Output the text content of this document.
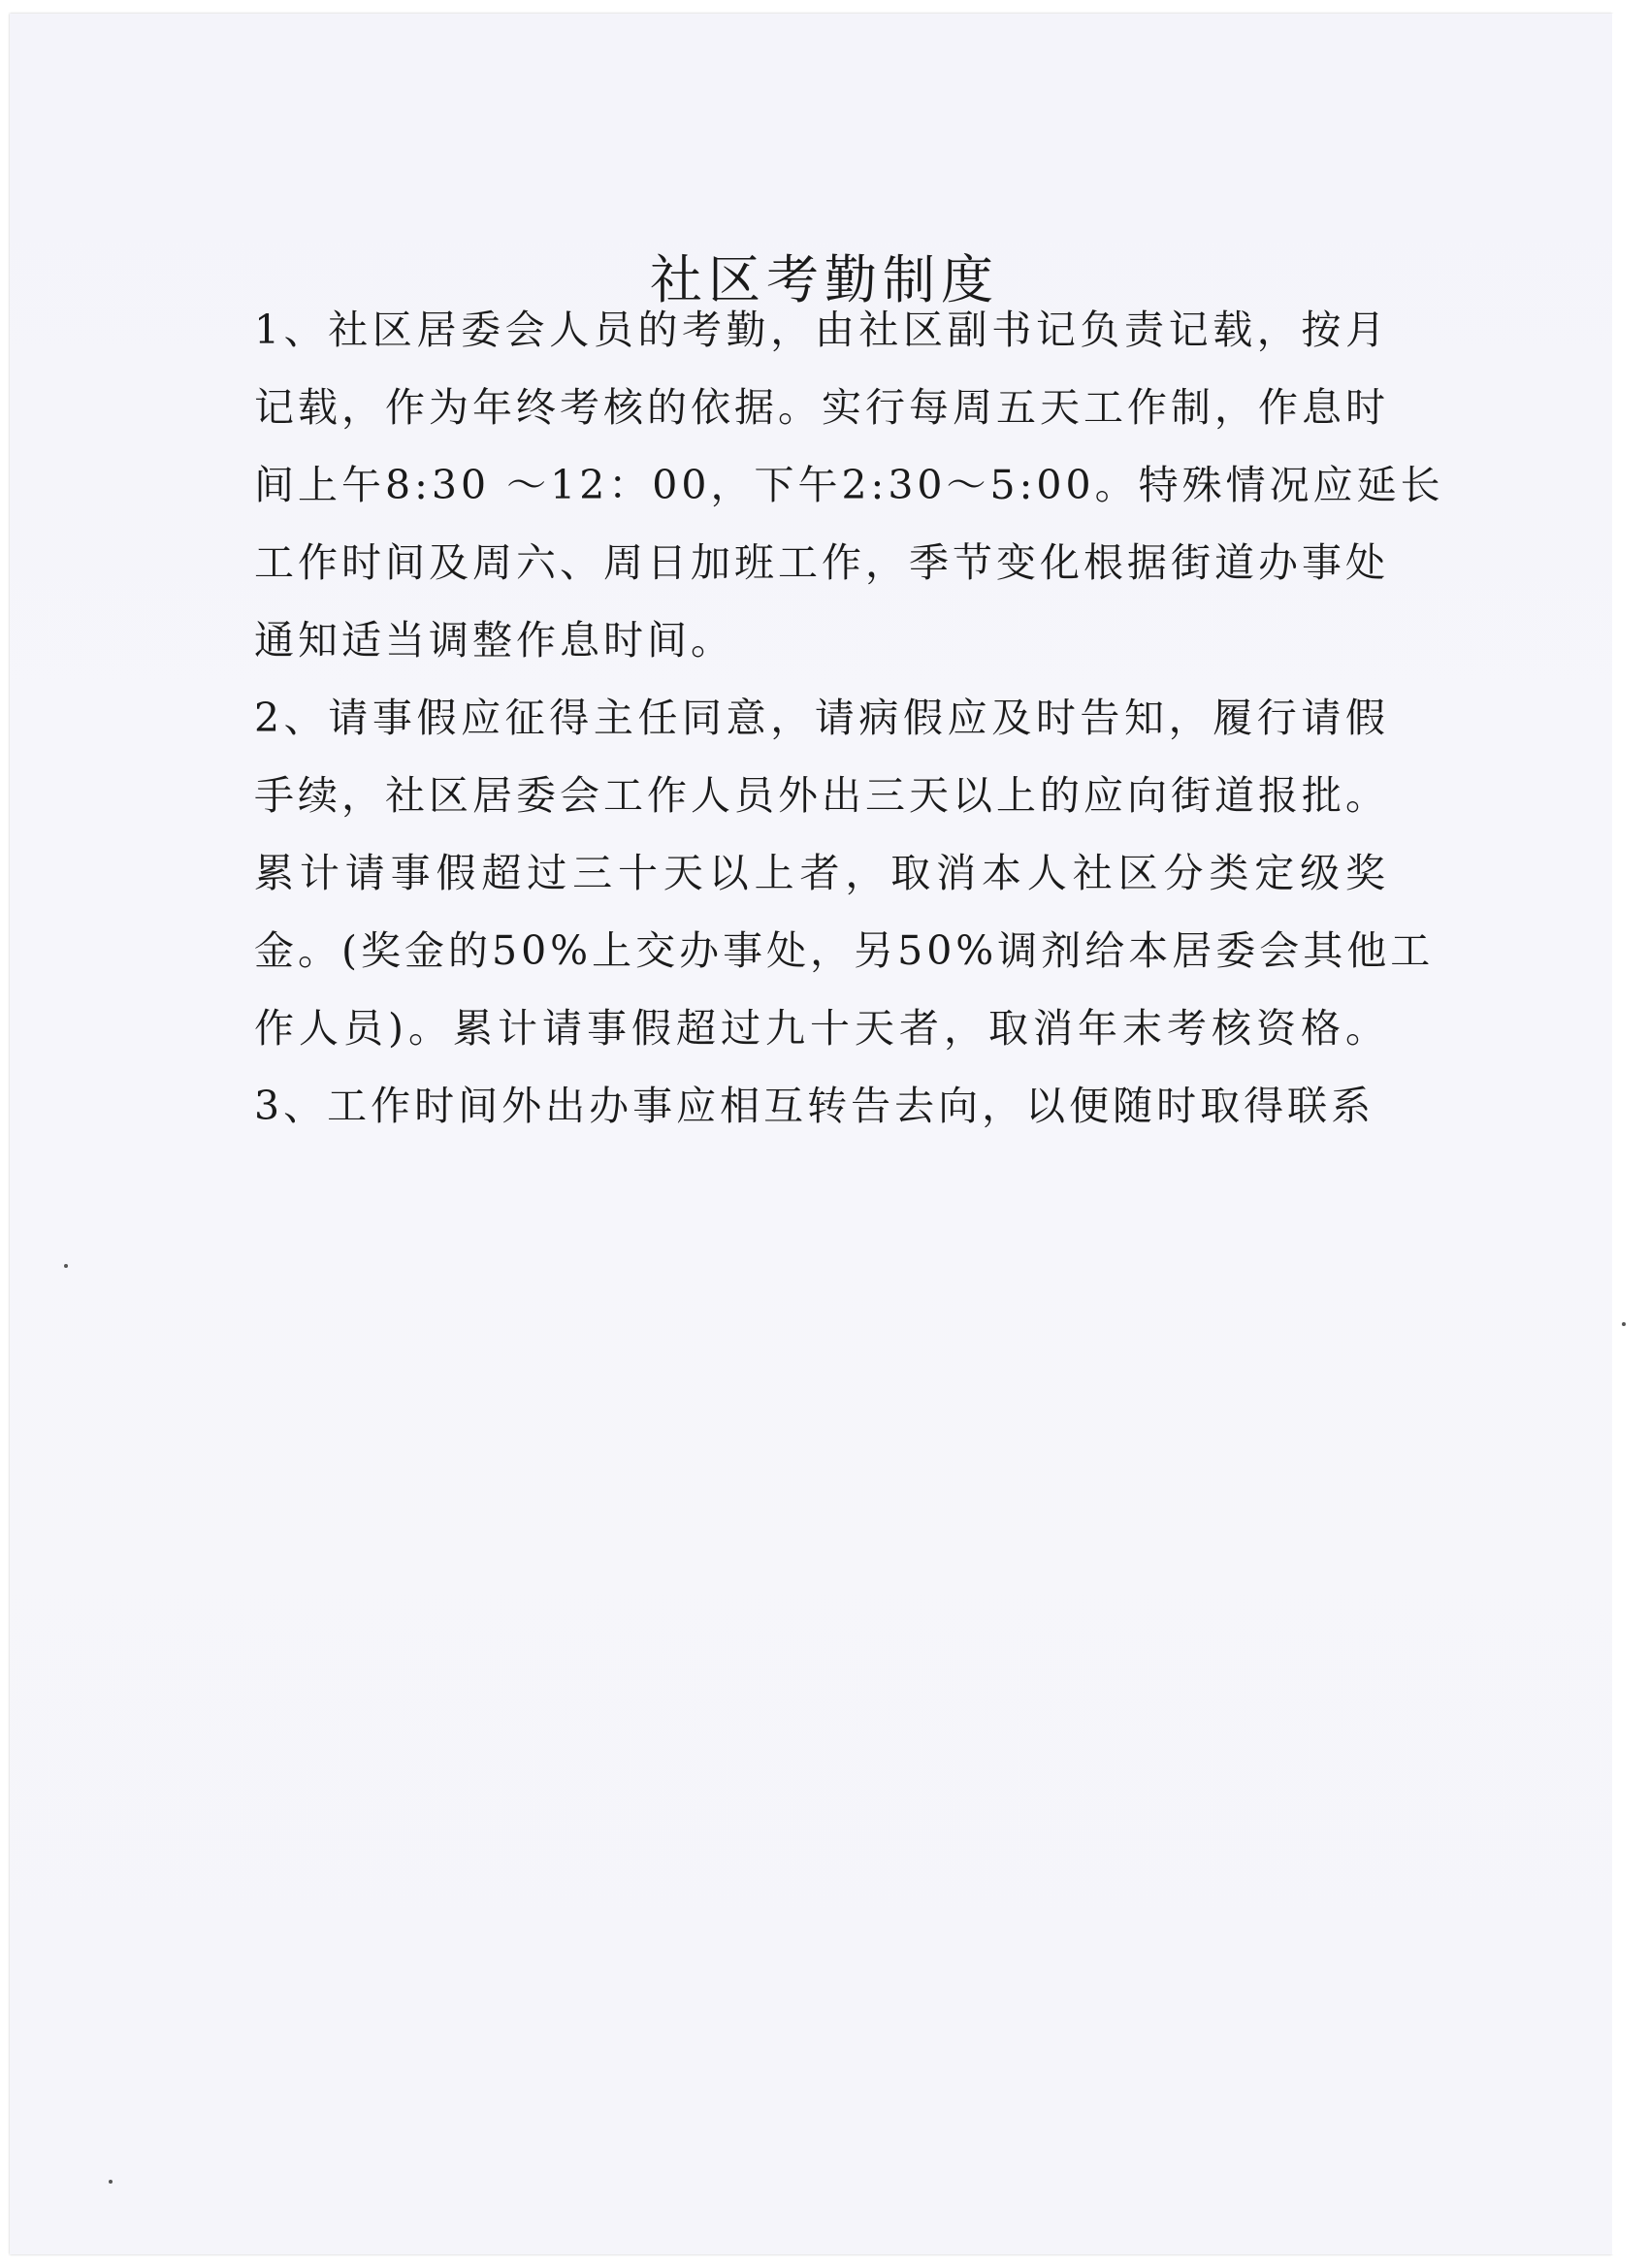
社区考勤制度
1、社区居委会人员的考勤，由社区副书记负责记载，按月
记载，作为年终考核的依据。实行每周五天工作制，作息时
间上午8:30 ～12：00，下午2:30～5:00。特殊情况应延长
工作时间及周六、周日加班工作，季节变化根据街道办事处
通知适当调整作息时间。
2、请事假应征得主任同意，请病假应及时告知，履行请假
手续，社区居委会工作人员外出三天以上的应向街道报批。
累计请事假超过三十天以上者，取消本人社区分类定级奖
金。(奖金的50%上交办事处，另50%调剂给本居委会其他工
作人员)。累计请事假超过九十天者，取消年末考核资格。
3、工作时间外出办事应相互转告去向，以便随时取得联系
